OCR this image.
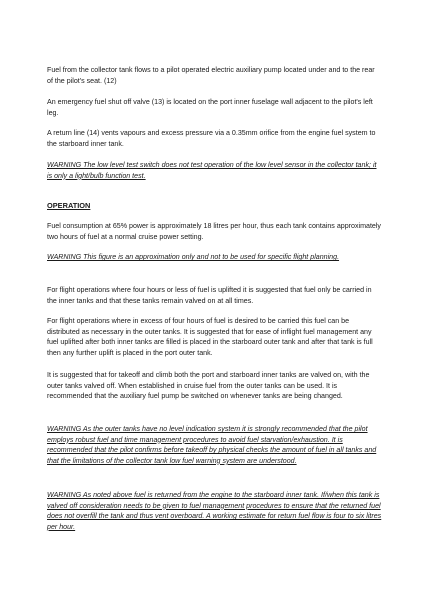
Fuel from the collector tank flows to a pilot operated electric auxiliary pump located under and to the rear of the pilot's seat. (12)

An emergency fuel shut off valve (13) is located on the port inner fuselage wall adjacent to the pilot's left leg.

A return line (14) vents vapours and excess pressure via a 0.35mm orifice from the engine fuel system to the starboard inner tank.

WARNING The low level test switch does not test operation of the low level sensor in the collector tank; it is only a light/bulb function test.

OPERATION

Fuel consumption at 65% power is approximately 18 litres per hour, thus each tank contains approximately two hours of fuel at a normal cruise power setting.

WARNING This figure is an approximation only and not to be used for specific flight planning.

For flight operations where four hours or less of fuel is uplifted it is suggested that fuel only be carried in the inner tanks and that these tanks remain valved on at all times.

For flight operations where in excess of four hours of fuel is desired to be carried this fuel can be distributed as necessary in the outer tanks. It is suggested that for ease of inflight fuel management any fuel uplifted after both inner tanks are filled is placed in the starboard outer tank and after that tank is full then any further uplift is placed in the port outer tank.

It is suggested that for takeoff and climb both the port and starboard inner tanks are valved on, with the outer tanks valved off. When established in cruise fuel from the outer tanks can be used. It is recommended that the auxiliary fuel pump be switched on whenever tanks are being changed.

WARNING As the outer tanks have no level indication system it is strongly recommended that the pilot employs robust fuel and time management procedures to avoid fuel starvation/exhaustion. It is recommended that the pilot confirms before takeoff by physical checks the amount of fuel in all tanks and that the limitations of the collector tank low fuel warning system are understood.

WARNING As noted above fuel is returned from the engine to the starboard inner tank. If/when this tank is valved off consideration needs to be given to fuel management procedures to ensure that the returned fuel does not overfill the tank and thus vent overboard. A working estimate for return fuel flow is four to six litres per hour.
